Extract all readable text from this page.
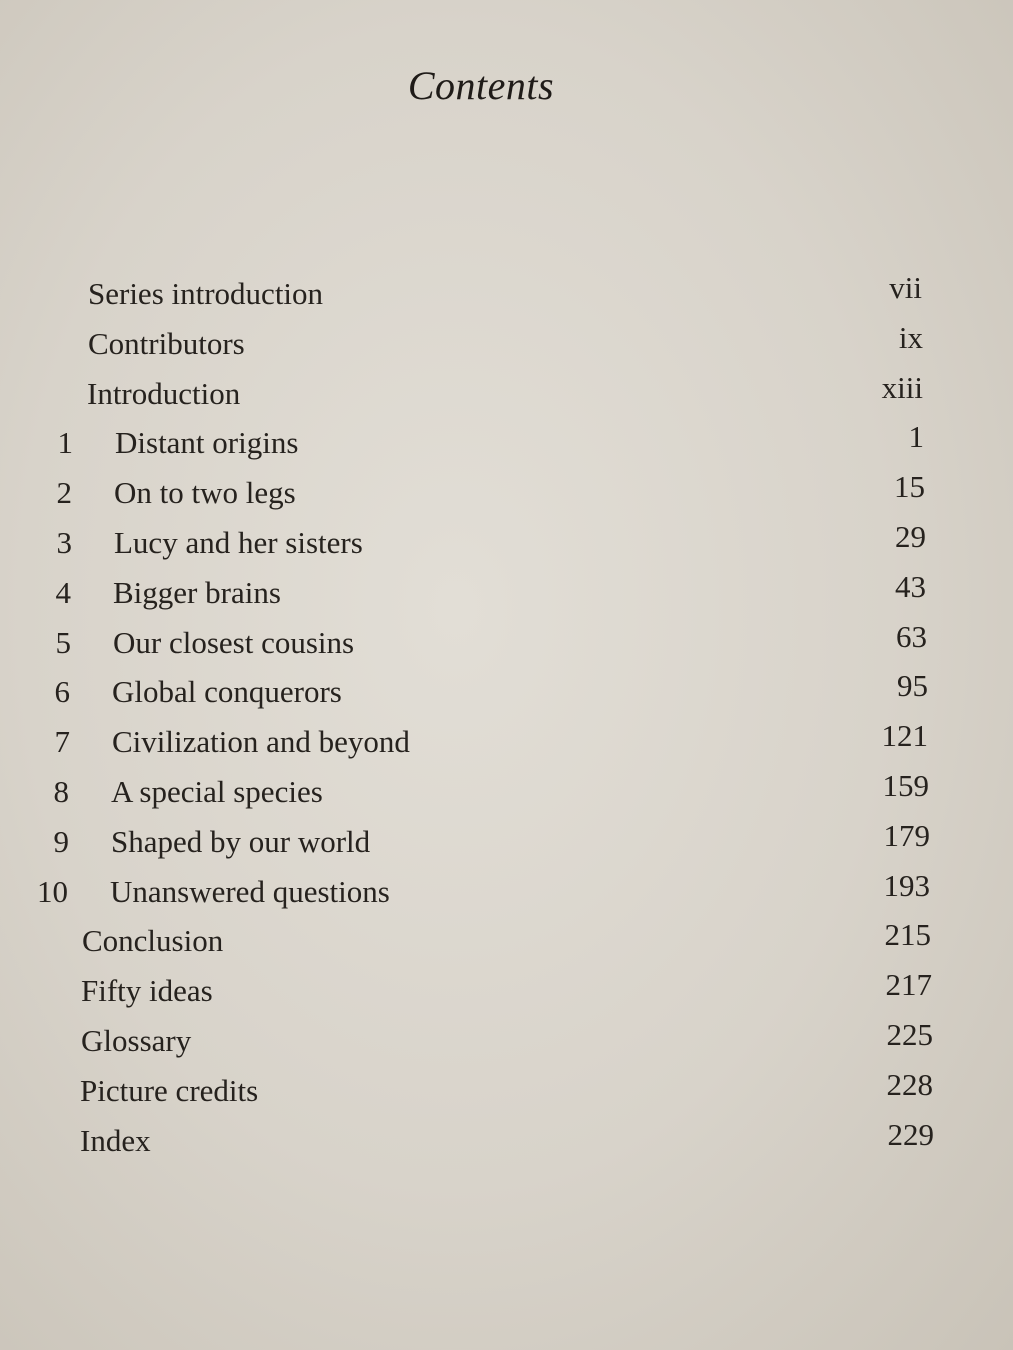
Contents
Series introduction	vii
Contributors	ix
Introduction	xiii
1 Distant origins	1
2 On to two legs	15
3 Lucy and her sisters	29
4 Bigger brains	43
5 Our closest cousins	63
6 Global conquerors	95
7 Civilization and beyond	121
8 A special species	159
9 Shaped by our world	179
10 Unanswered questions	193
Conclusion	215
Fifty ideas	217
Glossary	225
Picture credits	228
Index	229
